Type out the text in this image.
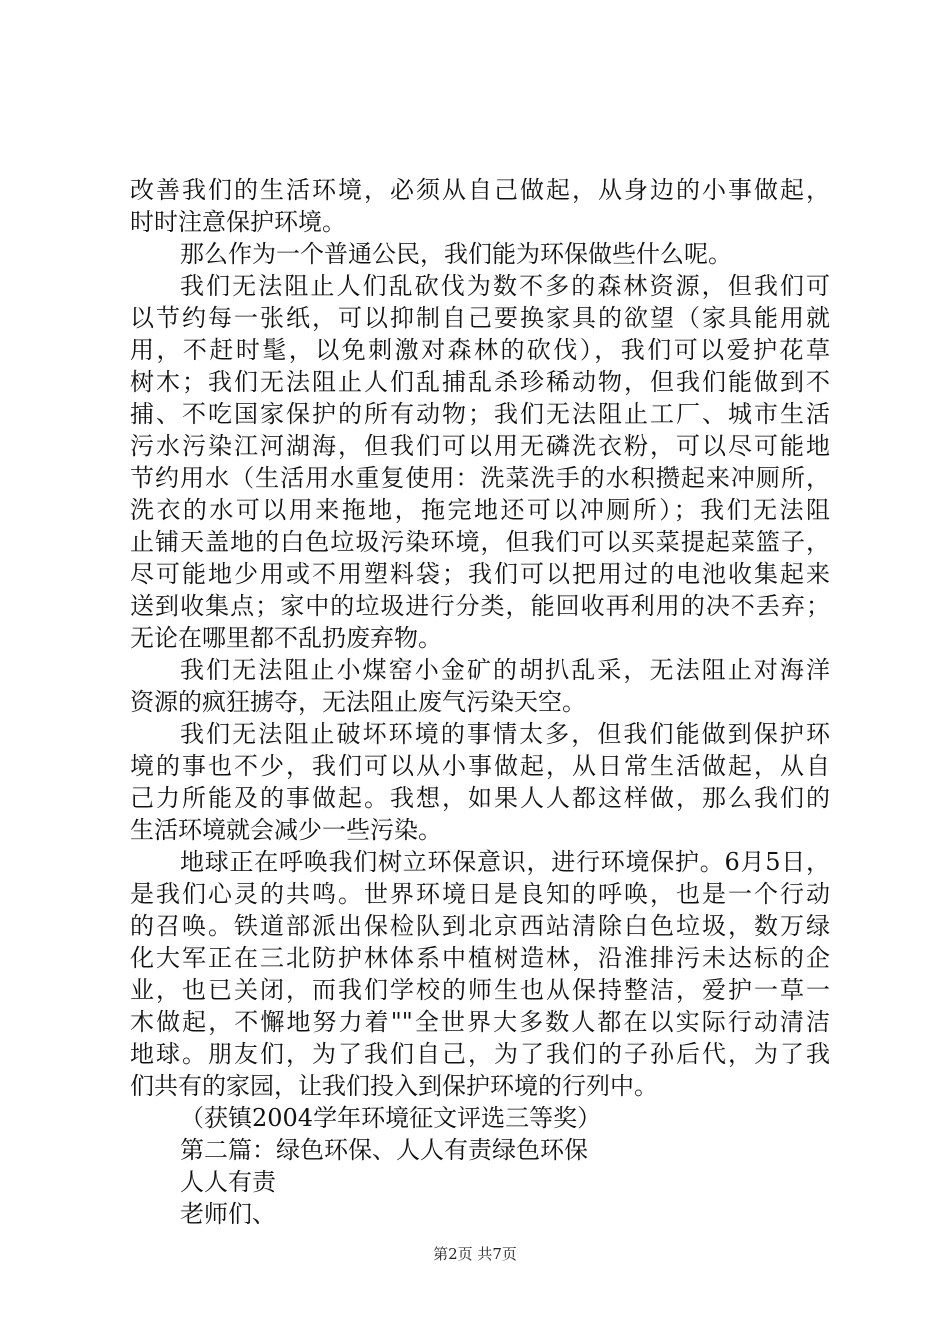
改善我们的生活环境，必须从自己做起，从身边的小事做起，
时时注意保护环境。
那么作为一个普通公民，我们能为环保做些什么呢。
我们无法阻止人们乱砍伐为数不多的森林资源，但我们可
以节约每一张纸，可以抑制自己要换家具的欲望（家具能用就
用，不赶时髦，以免刺激对森林的砍伐），我们可以爱护花草
树木；我们无法阻止人们乱捕乱杀珍稀动物，但我们能做到不
捕、不吃国家保护的所有动物；我们无法阻止工厂、城市生活
污水污染江河湖海，但我们可以用无磷洗衣粉，可以尽可能地
节约用水（生活用水重复使用：洗菜洗手的水积攒起来冲厕所，
洗衣的水可以用来拖地，拖完地还可以冲厕所）；我们无法阻
止铺天盖地的白色垃圾污染环境，但我们可以买菜提起菜篮子，
尽可能地少用或不用塑料袋；我们可以把用过的电池收集起来
送到收集点；家中的垃圾进行分类，能回收再利用的决不丢弃；
无论在哪里都不乱扔废弃物。
我们无法阻止小煤窑小金矿的胡扒乱采，无法阻止对海洋
资源的疯狂掳夺，无法阻止废气污染天空。
我们无法阻止破坏环境的事情太多，但我们能做到保护环
境的事也不少，我们可以从小事做起，从日常生活做起，从自
己力所能及的事做起。我想，如果人人都这样做，那么我们的
生活环境就会减少一些污染。
地球正在呼唤我们树立环保意识，进行环境保护。6月5日，
是我们心灵的共鸣。世界环境日是良知的呼唤，也是一个行动
的召唤。铁道部派出保检队到北京西站清除白色垃圾，数万绿
化大军正在三北防护林体系中植树造林，沿淮排污未达标的企
业，也已关闭，而我们学校的师生也从保持整洁，爱护一草一
木做起，不懈地努力着""全世界大多数人都在以实际行动清洁
地球。朋友们，为了我们自己，为了我们的子孙后代，为了我
们共有的家园，让我们投入到保护环境的行列中。
（获镇2004学年环境征文评选三等奖）
第二篇：绿色环保、人人有责绿色环保
人人有责
老师们、
第2页 共7页
